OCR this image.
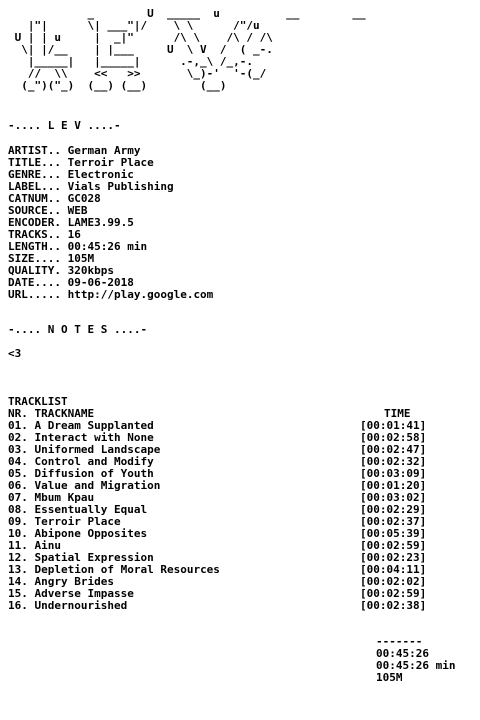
_        U  _____  u          __        __
|"|      \| ___"|/    \ \      /"/u
U | | u     |  _|"      /\ \    /\ / /\
\| |/__    | |___     U  \ V  /  ( _-.
|_____|   |_____|      .-,_\ /_,-.
//  \\    <<   >>       \_)-'  '-(_/
(_")("_)  (__) (__)        (__)
-.... L E V ....-
ARTIST.. German Army
TITLE... Terroir Place
GENRE... Electronic
LABEL... Vials Publishing
CATNUM.. GC028
SOURCE.. WEB
ENCODER. LAME3.99.5
TRACKS.. 16
LENGTH.. 00:45:26 min
SIZE.... 105M
QUALITY. 320kbps
DATE.... 09-06-2018
URL..... http://play.google.com
-.... N O T E S ....-
<3
TRACKLIST
NR. TRACKNAME	TIME
01. A Dream Supplanted	[00:01:41]
02. Interact with None	[00:02:58]
03. Uniformed Landscape	[00:02:47]
04. Control and Modify	[00:02:32]
05. Diffusion of Youth	[00:03:09]
06. Value and Migration	[00:01:20]
07. Mbum Kpau	[00:03:02]
08. Essentually Equal	[00:02:29]
09. Terroir Place	[00:02:37]
10. Abipone Opposites	[00:05:39]
11. Ainu	[00:02:59]
12. Spatial Expression	[00:02:23]
13. Depletion of Moral Resources	[00:04:11]
14. Angry Brides	[00:02:02]
15. Adverse Impasse	[00:02:59]
16. Undernourished	[00:02:38]
-------
00:45:26
00:45:26 min
105M
